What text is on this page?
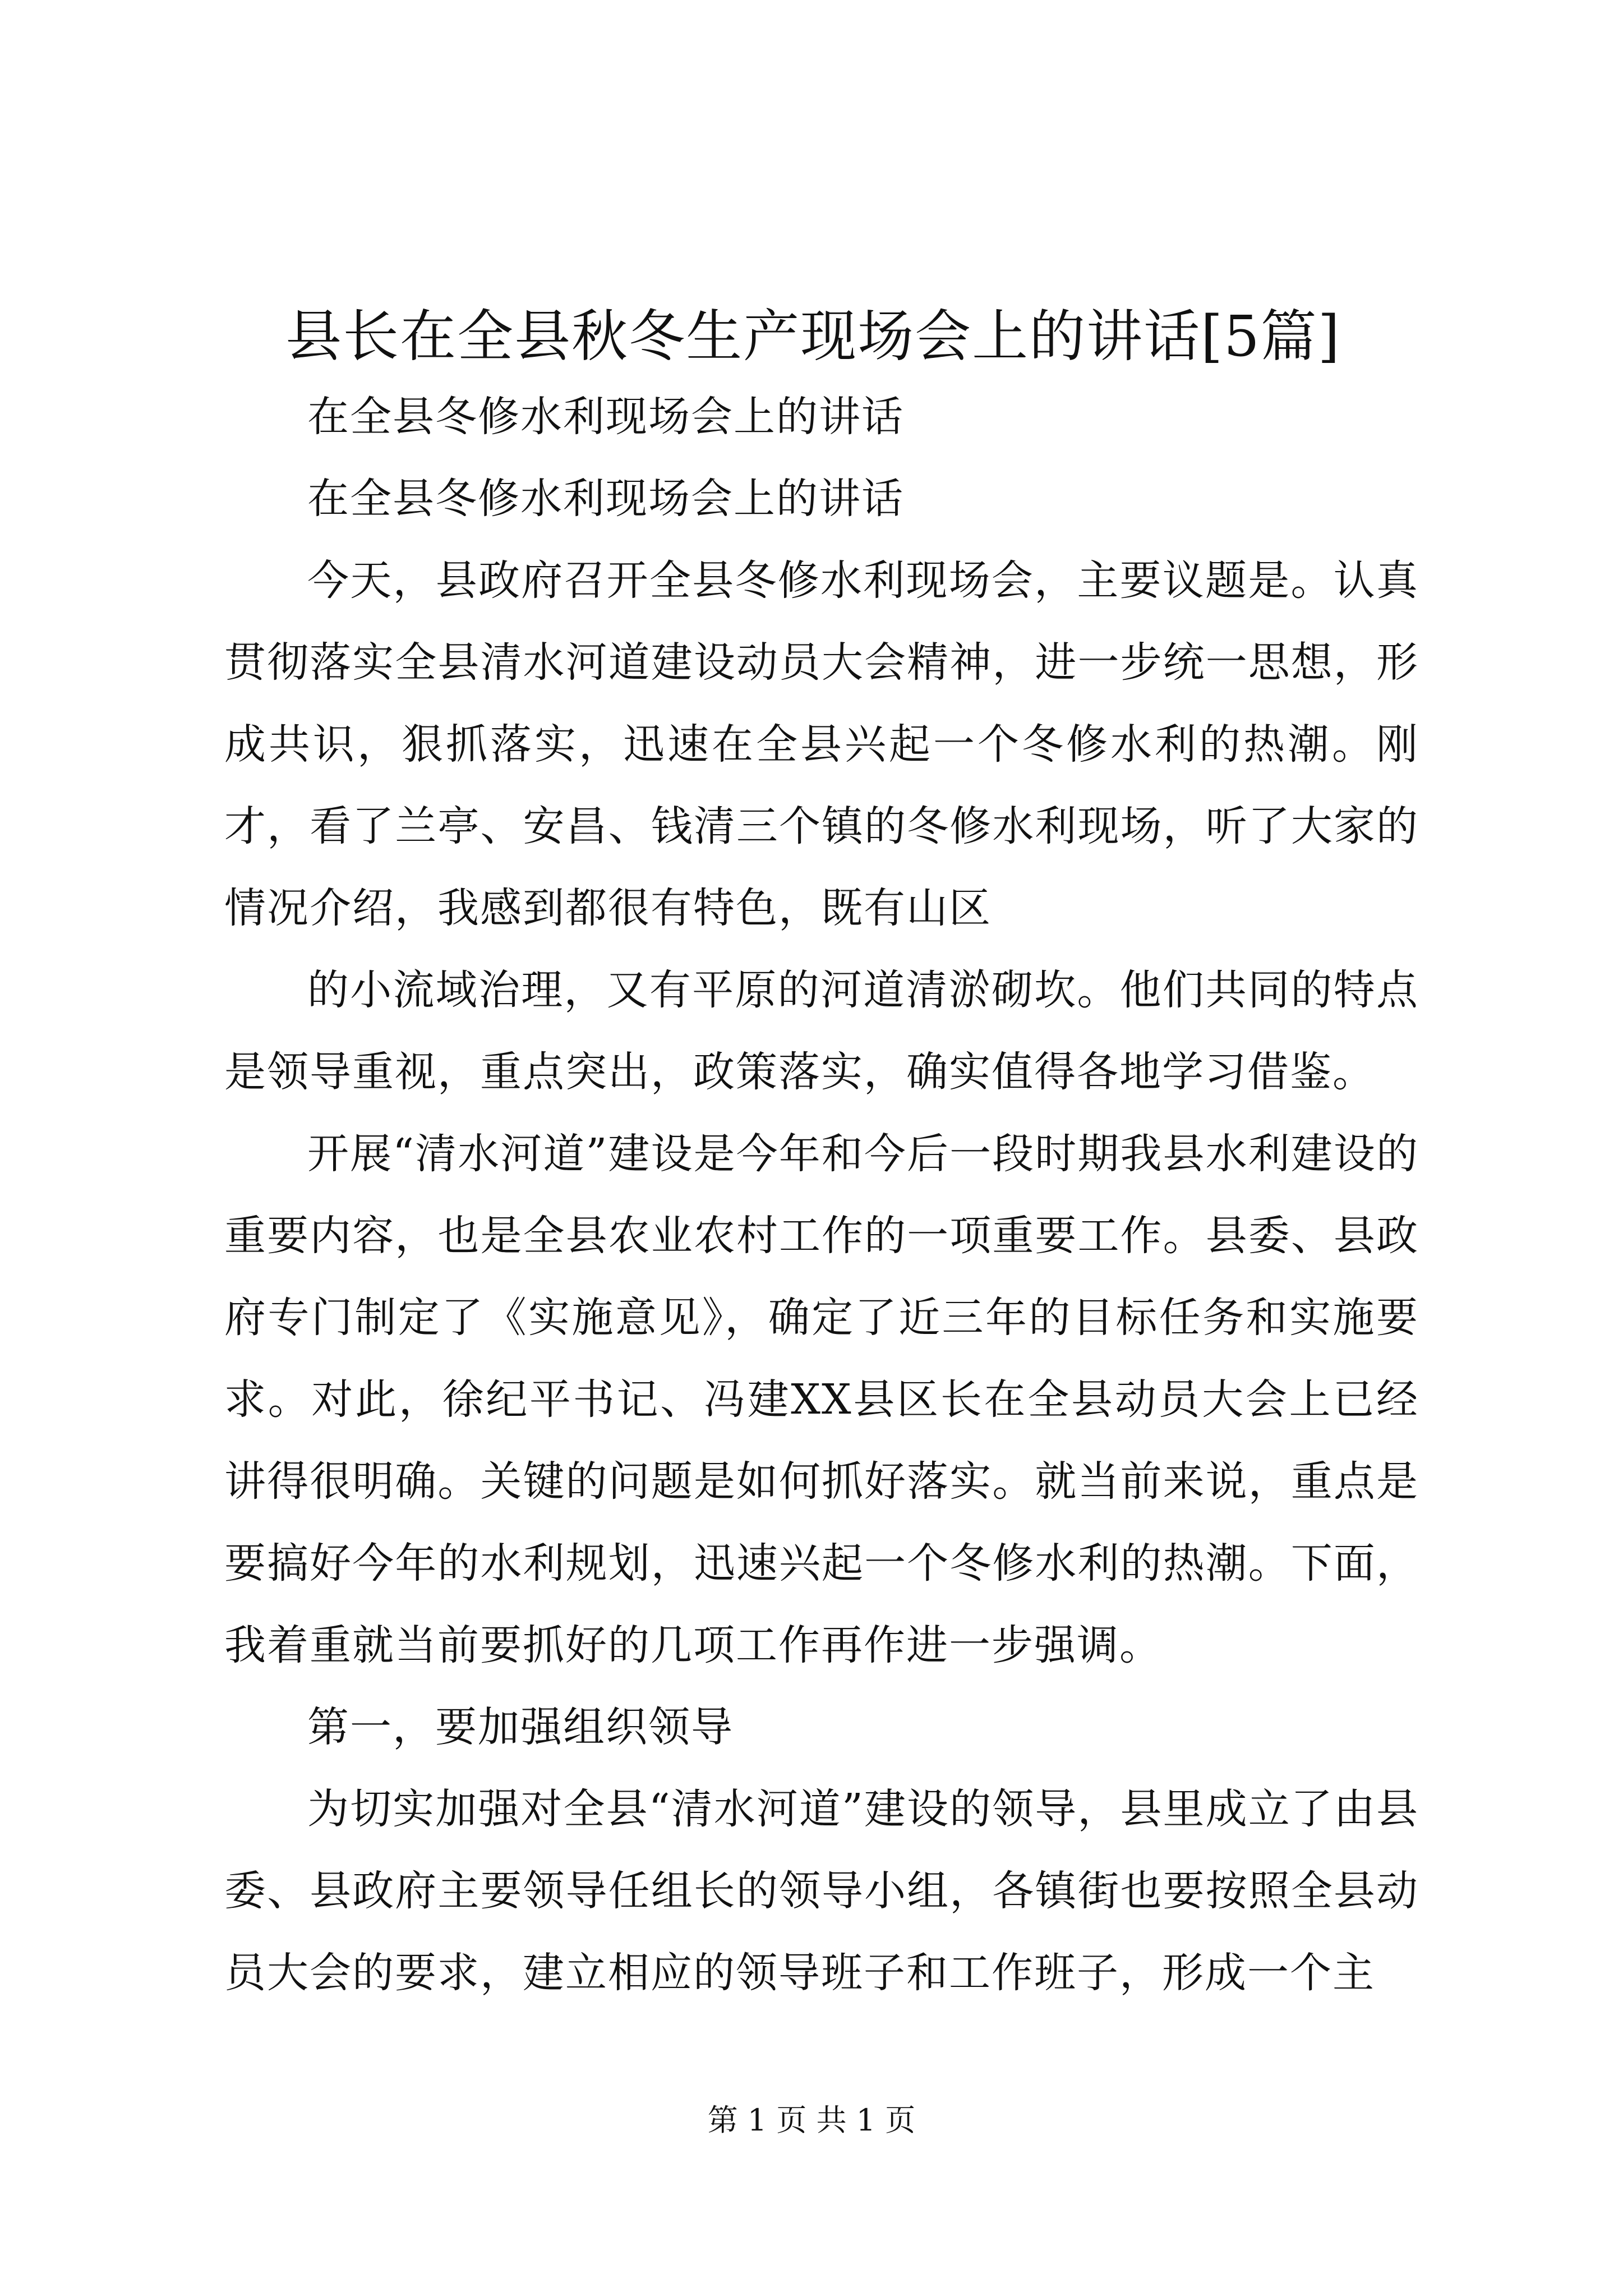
县长在全县秋冬生产现场会上的讲话[5篇]

在全县冬修水利现场会上的讲话

在全县冬修水利现场会上的讲话

今天，县政府召开全县冬修水利现场会，主要议题是。认真贯彻落实全县清水河道建设动员大会精神，进一步统一思想，形成共识，狠抓落实，迅速在全县兴起一个冬修水利的热潮。刚才，看了兰亭、安昌、钱清三个镇的冬修水利现场，听了大家的情况介绍，我感到都很有特色，既有山区

的小流域治理，又有平原的河道清淤砌坎。他们共同的特点是领导重视，重点突出，政策落实，确实值得各地学习借鉴。

开展“清水河道”建设是今年和今后一段时期我县水利建设的重要内容，也是全县农业农村工作的一项重要工作。县委、县政府专门制定了《实施意见》，确定了近三年的目标任务和实施要求。对此，徐纪平书记、冯建XX县区长在全县动员大会上已经讲得很明确。关键的问题是如何抓好落实。就当前来说，重点是要搞好今年的水利规划，迅速兴起一个冬修水利的热潮。下面，我着重就当前要抓好的几项工作再作进一步强调。

第一，要加强组织领导

为切实加强对全县“清水河道”建设的领导，县里成立了由县委、县政府主要领导任组长的领导小组，各镇街也要按照全县动员大会的要求，建立相应的领导班子和工作班子，形成一个主

第 1 页 共 1 页
